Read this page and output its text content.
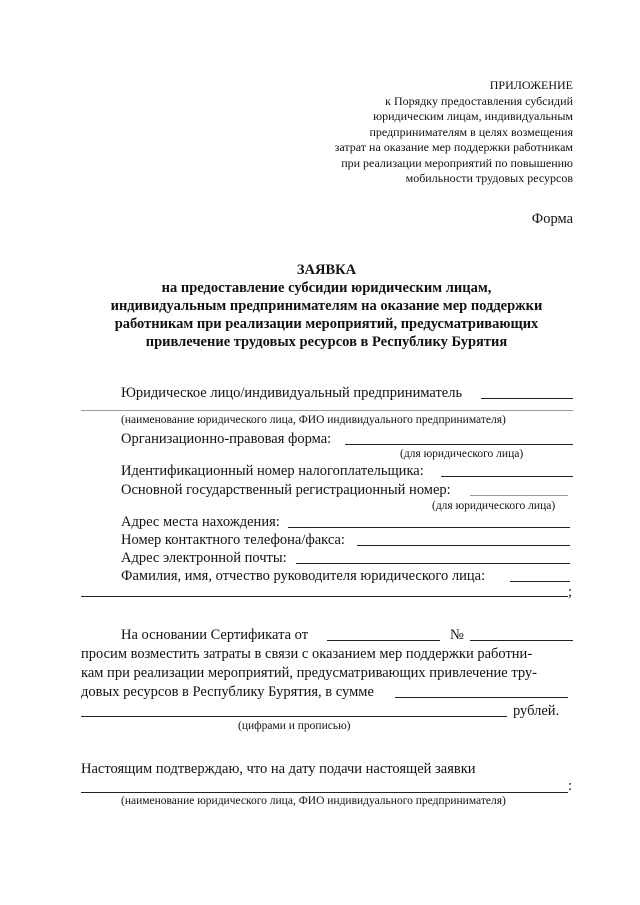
ПРИЛОЖЕНИЕ
к Порядку предоставления субсидий
юридическим лицам, индивидуальным
предпринимателям в целях возмещения
затрат на оказание мер поддержки работникам
при реализации мероприятий по повышению
мобильности трудовых ресурсов
Форма
ЗАЯВКА
на предоставление субсидии юридическим лицам,
индивидуальным предпринимателям на оказание мер поддержки
работникам при реализации мероприятий, предусматривающих
привлечение трудовых ресурсов в Республику Бурятия
Юридическое лицо/индивидуальный предприниматель
(наименование юридического лица, ФИО индивидуального предпринимателя)
Организационно-правовая форма:
(для юридического лица)
Идентификационный номер налогоплательщика:
Основной государственный регистрационный номер:
(для юридического лица)
Адрес места нахождения:
Номер контактного телефона/факса:
Адрес электронной почты:
Фамилия, имя, отчество руководителя юридического лица:
;
На основании Сертификата от	№
просим возместить затраты в связи с оказанием мер поддержки работни-
кам при реализации мероприятий, предусматривающих привлечение тру-
довых ресурсов в Республику Бурятия, в сумме
рублей.
(цифрами и прописью)
Настоящим подтверждаю, что на дату подачи настоящей заявки
:
(наименование юридического лица, ФИО индивидуального предпринимателя)
